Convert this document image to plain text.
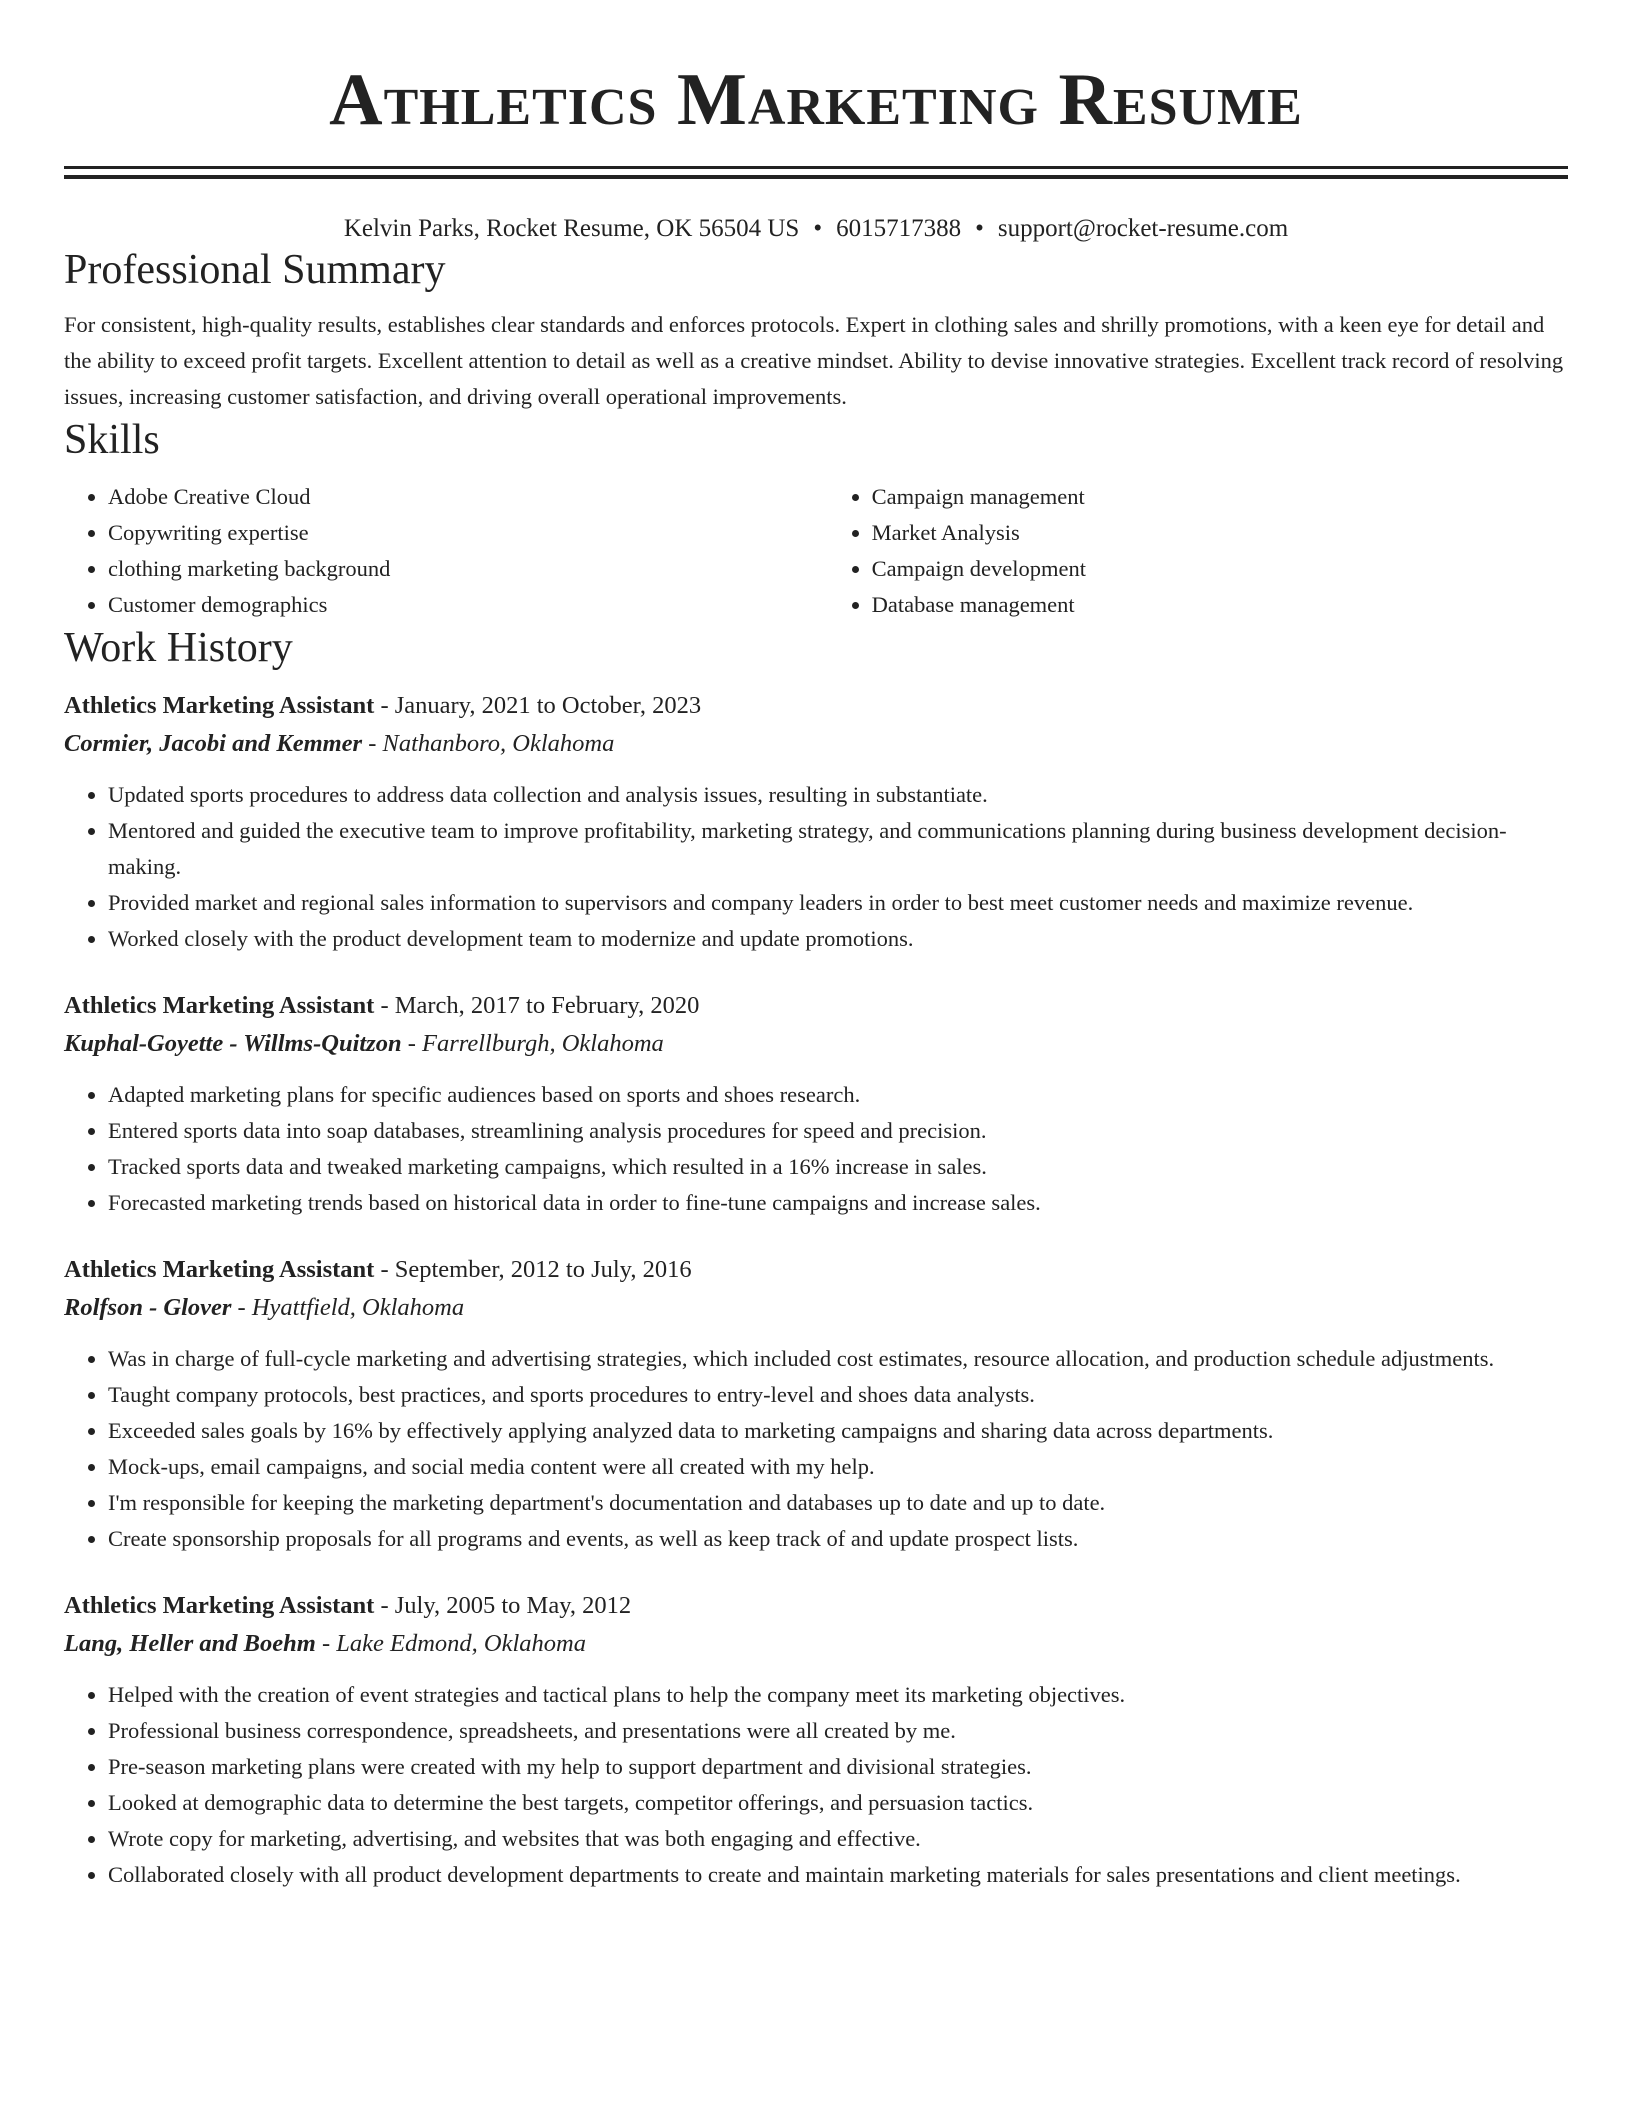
Athletics Marketing Resume
Kelvin Parks, Rocket Resume, OK 56504 US • 6015717388 • support@rocket-resume.com
Professional Summary
For consistent, high-quality results, establishes clear standards and enforces protocols. Expert in clothing sales and shrilly promotions, with a keen eye for detail and the ability to exceed profit targets. Excellent attention to detail as well as a creative mindset. Ability to devise innovative strategies. Excellent track record of resolving issues, increasing customer satisfaction, and driving overall operational improvements.
Skills
• Adobe Creative Cloud
• Copywriting expertise
• clothing marketing background
• Customer demographics
• Campaign management
• Market Analysis
• Campaign development
• Database management
Work History
Athletics Marketing Assistant - January, 2021 to October, 2023
Cormier, Jacobi and Kemmer - Nathanboro, Oklahoma
• Updated sports procedures to address data collection and analysis issues, resulting in substantiate.
• Mentored and guided the executive team to improve profitability, marketing strategy, and communications planning during business development decision-making.
• Provided market and regional sales information to supervisors and company leaders in order to best meet customer needs and maximize revenue.
• Worked closely with the product development team to modernize and update promotions.
Athletics Marketing Assistant - March, 2017 to February, 2020
Kuphal-Goyette - Willms-Quitzon - Farrellburgh, Oklahoma
• Adapted marketing plans for specific audiences based on sports and shoes research.
• Entered sports data into soap databases, streamlining analysis procedures for speed and precision.
• Tracked sports data and tweaked marketing campaigns, which resulted in a 16% increase in sales.
• Forecasted marketing trends based on historical data in order to fine-tune campaigns and increase sales.
Athletics Marketing Assistant - September, 2012 to July, 2016
Rolfson - Glover - Hyattfield, Oklahoma
• Was in charge of full-cycle marketing and advertising strategies, which included cost estimates, resource allocation, and production schedule adjustments.
• Taught company protocols, best practices, and sports procedures to entry-level and shoes data analysts.
• Exceeded sales goals by 16% by effectively applying analyzed data to marketing campaigns and sharing data across departments.
• Mock-ups, email campaigns, and social media content were all created with my help.
• I'm responsible for keeping the marketing department's documentation and databases up to date and up to date.
• Create sponsorship proposals for all programs and events, as well as keep track of and update prospect lists.
Athletics Marketing Assistant - July, 2005 to May, 2012
Lang, Heller and Boehm - Lake Edmond, Oklahoma
• Helped with the creation of event strategies and tactical plans to help the company meet its marketing objectives.
• Professional business correspondence, spreadsheets, and presentations were all created by me.
• Pre-season marketing plans were created with my help to support department and divisional strategies.
• Looked at demographic data to determine the best targets, competitor offerings, and persuasion tactics.
• Wrote copy for marketing, advertising, and websites that was both engaging and effective.
• Collaborated closely with all product development departments to create and maintain marketing materials for sales presentations and client meetings.
